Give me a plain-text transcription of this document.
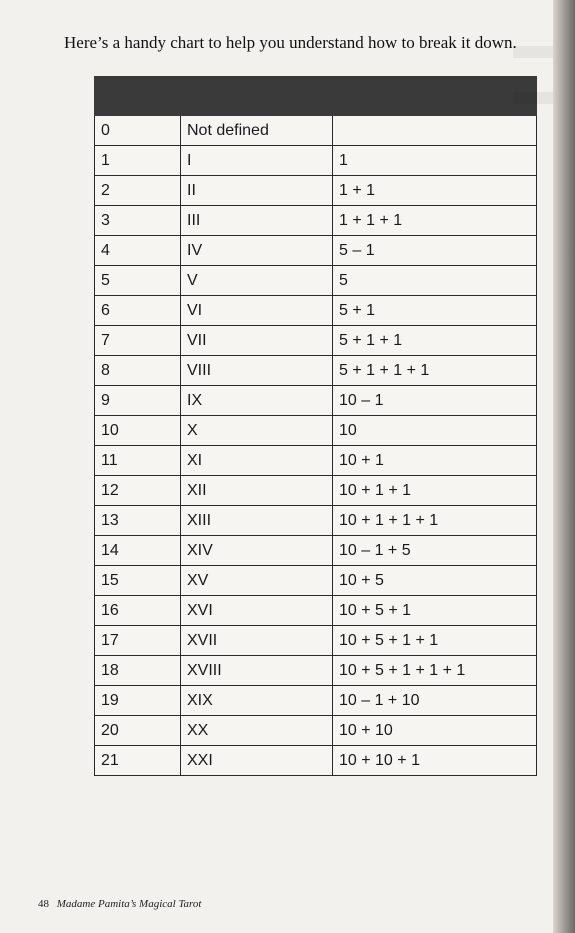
Here’s a handy chart to help you understand how to break it down.

0	Not defined	
1	I	1
2	II	1 + 1
3	III	1 + 1 + 1
4	IV	5 – 1
5	V	5
6	VI	5 + 1
7	VII	5 + 1 + 1
8	VIII	5 + 1 + 1 + 1
9	IX	10 – 1
10	X	10
11	XI	10 + 1
12	XII	10 + 1 + 1
13	XIII	10 + 1 + 1 + 1
14	XIV	10 – 1 + 5
15	XV	10 + 5
16	XVI	10 + 5 + 1
17	XVII	10 + 5 + 1 + 1
18	XVIII	10 + 5 + 1 + 1 + 1
19	XIX	10 – 1 + 10
20	XX	10 + 10
21	XXI	10 + 10 + 1
48 Madame Pamita’s Magical Tarot
